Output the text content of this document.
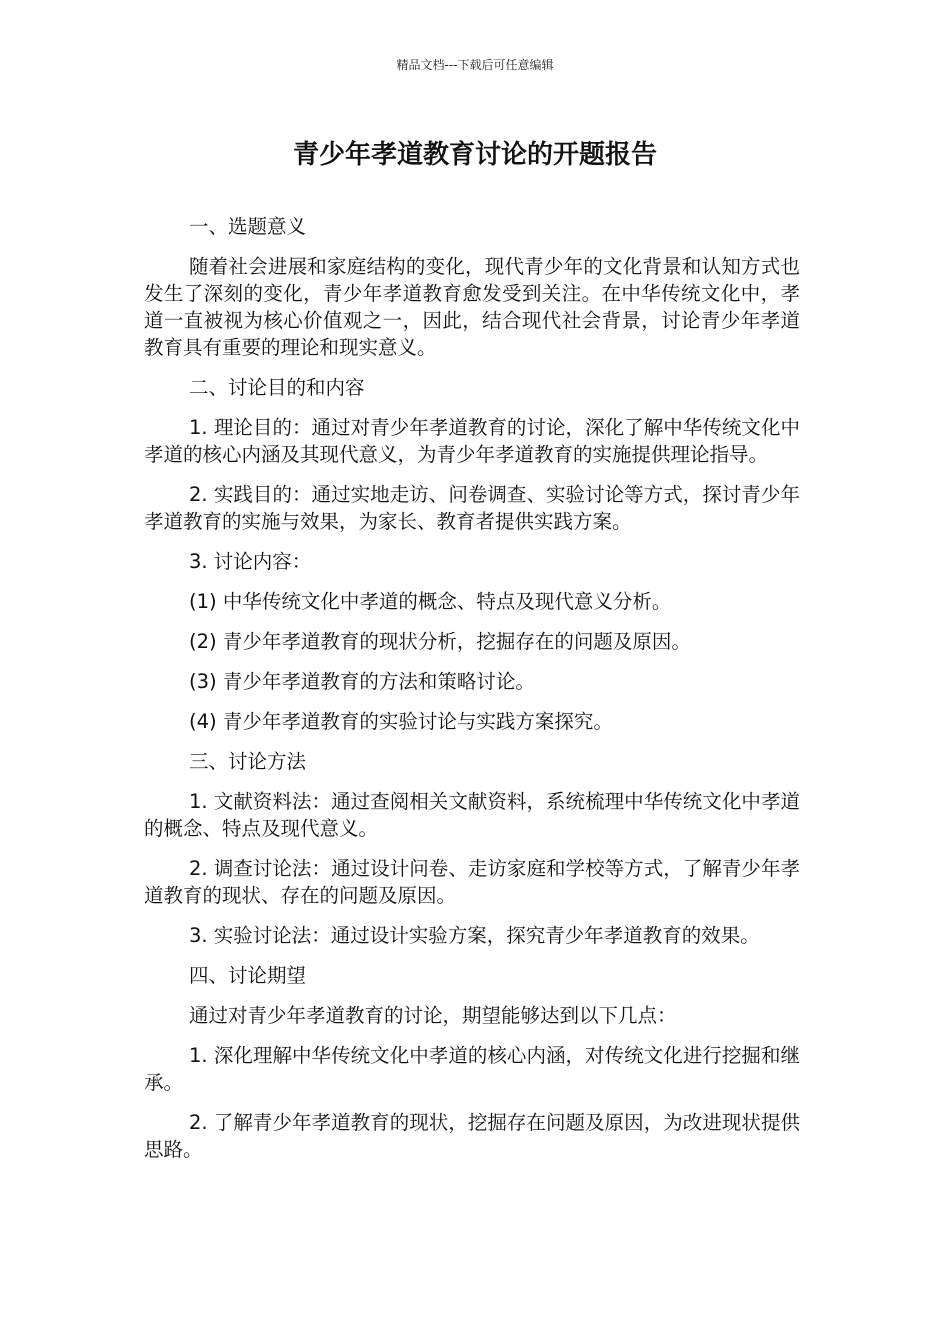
精品文档---下载后可任意编辑
青少年孝道教育讨论的开题报告

一、选题意义

随着社会进展和家庭结构的变化，现代青少年的文化背景和认知方式也发生了深刻的变化，青少年孝道教育愈发受到关注。在中华传统文化中，孝道一直被视为核心价值观之一，因此，结合现代社会背景，讨论青少年孝道教育具有重要的理论和现实意义。

二、讨论目的和内容

1. 理论目的：通过对青少年孝道教育的讨论，深化了解中华传统文化中孝道的核心内涵及其现代意义，为青少年孝道教育的实施提供理论指导。

2. 实践目的：通过实地走访、问卷调查、实验讨论等方式，探讨青少年孝道教育的实施与效果，为家长、教育者提供实践方案。

3. 讨论内容：

(1) 中华传统文化中孝道的概念、特点及现代意义分析。

(2) 青少年孝道教育的现状分析，挖掘存在的问题及原因。

(3) 青少年孝道教育的方法和策略讨论。

(4) 青少年孝道教育的实验讨论与实践方案探究。

三、讨论方法

1. 文献资料法：通过查阅相关文献资料，系统梳理中华传统文化中孝道的概念、特点及现代意义。

2. 调查讨论法：通过设计问卷、走访家庭和学校等方式，了解青少年孝道教育的现状、存在的问题及原因。

3. 实验讨论法：通过设计实验方案，探究青少年孝道教育的效果。

四、讨论期望

通过对青少年孝道教育的讨论，期望能够达到以下几点：

1. 深化理解中华传统文化中孝道的核心内涵，对传统文化进行挖掘和继承。

2. 了解青少年孝道教育的现状，挖掘存在问题及原因，为改进现状提供思路。
